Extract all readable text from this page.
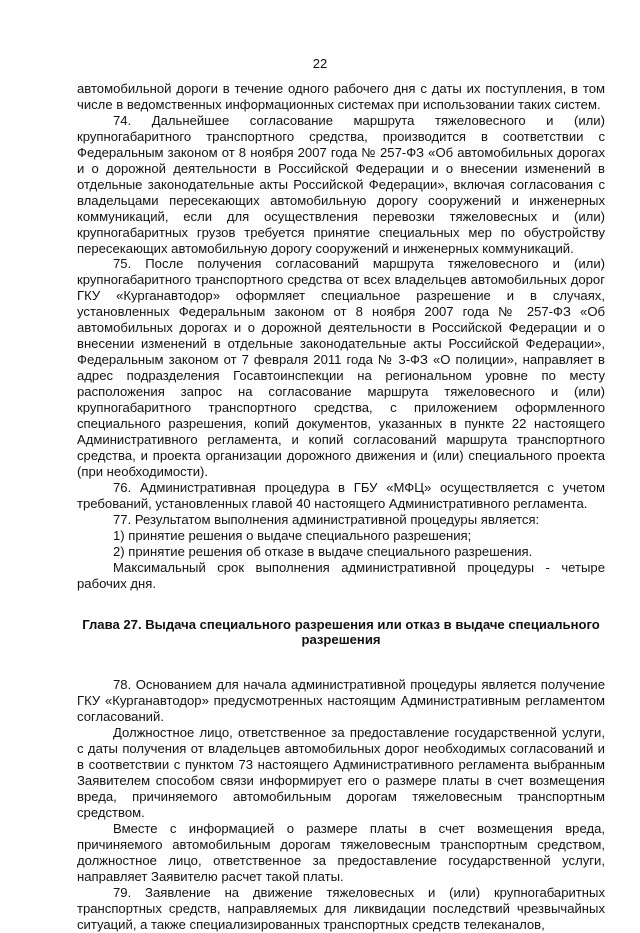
22

автомобильной дороги в течение одного рабочего дня с даты их поступления, в том числе в ведомственных информационных системах при использовании таких систем.

74. Дальнейшее согласование маршрута тяжеловесного и (или) крупногабаритного транспортного средства, производится в соответствии с Федеральным законом от 8 ноября 2007 года № 257-ФЗ «Об автомобильных дорогах и о дорожной деятельности в Российской Федерации и о внесении изменений в отдельные законодательные акты Российской Федерации», включая согласования с владельцами пересекающих автомобильную дорогу сооружений и инженерных коммуникаций, если для осуществления перевозки тяжеловесных и (или) крупногабаритных грузов требуется принятие специальных мер по обустройству пересекающих автомобильную дорогу сооружений и инженерных коммуникаций.

75. После получения согласований маршрута тяжеловесного и (или) крупногабаритного транспортного средства от всех владельцев автомобильных дорог ГКУ «Курганавтодор» оформляет специальное разрешение и в случаях, установленных Федеральным законом от 8 ноября 2007 года № 257-ФЗ «Об автомобильных дорогах и о дорожной деятельности в Российской Федерации и о внесении изменений в отдельные законодательные акты Российской Федерации», Федеральным законом от 7 февраля 2011 года № 3-ФЗ «О полиции», направляет в адрес подразделения Госавтоинспекции на региональном уровне по месту расположения запрос на согласование маршрута тяжеловесного и (или) крупногабаритного транспортного средства, с приложением оформленного специального разрешения, копий документов, указанных в пункте 22 настоящего Административного регламента, и копий согласований маршрута транспортного средства, и проекта организации дорожного движения и (или) специального проекта (при необходимости).

76. Административная процедура в ГБУ «МФЦ» осуществляется с учетом требований, установленных главой 40 настоящего Административного регламента.

77. Результатом выполнения административной процедуры является:

1) принятие решения о выдаче специального разрешения;

2) принятие решения об отказе в выдаче специального разрешения.

Максимальный срок выполнения административной процедуры - четыре рабочих дня.

Глава 27. Выдача специального разрешения или отказ в выдаче специального разрешения

78. Основанием для начала административной процедуры является получение ГКУ «Курганавтодор» предусмотренных настоящим Административным регламентом согласований.

Должностное лицо, ответственное за предоставление государственной услуги, с даты получения от владельцев автомобильных дорог необходимых согласований и в соответствии с пунктом 73 настоящего Административного регламента выбранным Заявителем способом связи информирует его о размере платы в счет возмещения вреда, причиняемого автомобильным дорогам тяжеловесным транспортным средством.

Вместе с информацией о размере платы в счет возмещения вреда, причиняемого автомобильным дорогам тяжеловесным транспортным средством, должностное лицо, ответственное за предоставление государственной услуги, направляет Заявителю расчет такой платы.

79. Заявление на движение тяжеловесных и (или) крупногабаритных транспортных средств, направляемых для ликвидации последствий чрезвычайных ситуаций, а также специализированных транспортных средств телеканалов,
